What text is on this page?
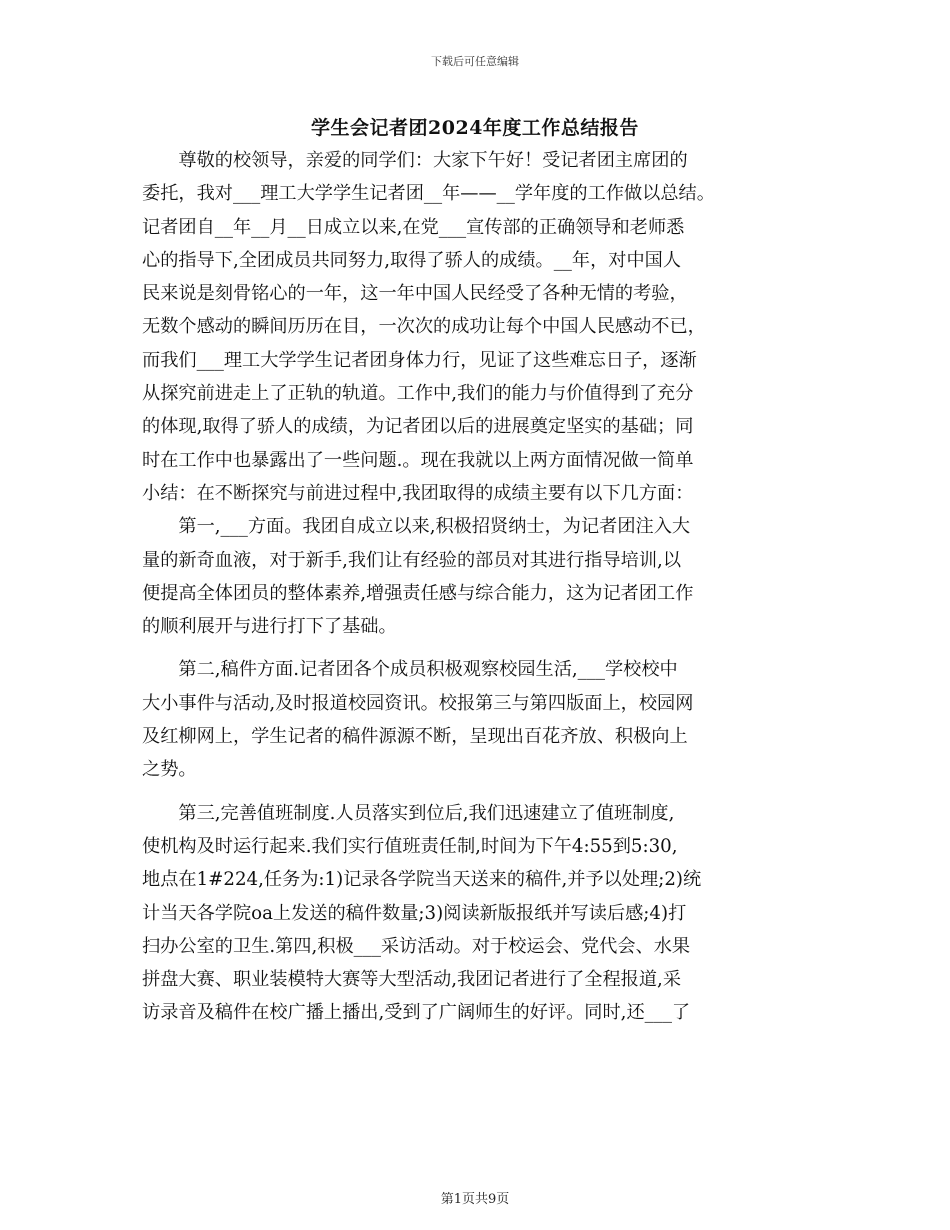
下载后可任意编辑
学生会记者团2024年度工作总结报告
　　尊敬的校领导，亲爱的同学们：大家下午好！受记者团主席团的
委托，我对___理工大学学生记者团__年——__学年度的工作做以总结。
记者团自__年__月__日成立以来,在党___宣传部的正确领导和老师悉
心的指导下,全团成员共同努力,取得了骄人的成绩。__年，对中国人
民来说是刻骨铭心的一年，这一年中国人民经受了各种无情的考验，
无数个感动的瞬间历历在目，一次次的成功让每个中国人民感动不已，
而我们___理工大学学生记者团身体力行，见证了这些难忘日子，逐渐
从探究前进走上了正轨的轨道。工作中,我们的能力与价值得到了充分
的体现,取得了骄人的成绩，为记者团以后的进展奠定坚实的基础；同
时在工作中也暴露出了一些问题.。现在我就以上两方面情况做一简单
小结：在不断探究与前进过程中,我团取得的成绩主要有以下几方面：
　　第一,___方面。我团自成立以来,积极招贤纳士，为记者团注入大
量的新奇血液，对于新手,我们让有经验的部员对其进行指导培训,以
便提高全体团员的整体素养,增强责任感与综合能力，这为记者团工作
的顺利展开与进行打下了基础。
　　第二,稿件方面.记者团各个成员积极观察校园生活,___学校校中
大小事件与活动,及时报道校园资讯。校报第三与第四版面上，校园网
及红柳网上，学生记者的稿件源源不断，呈现出百花齐放、积极向上
之势。
　　第三,完善值班制度.人员落实到位后,我们迅速建立了值班制度,
使机构及时运行起来.我们实行值班责任制,时间为下午4:55到5:30,
地点在1#224,任务为:1)记录各学院当天送来的稿件,并予以处理;2)统
计当天各学院oa上发送的稿件数量;3)阅读新版报纸并写读后感;4)打
扫办公室的卫生.第四,积极___采访活动。对于校运会、党代会、水果
拼盘大赛、职业装模特大赛等大型活动,我团记者进行了全程报道,采
访录音及稿件在校广播上播出,受到了广阔师生的好评。同时,还___了
第1页共9页
